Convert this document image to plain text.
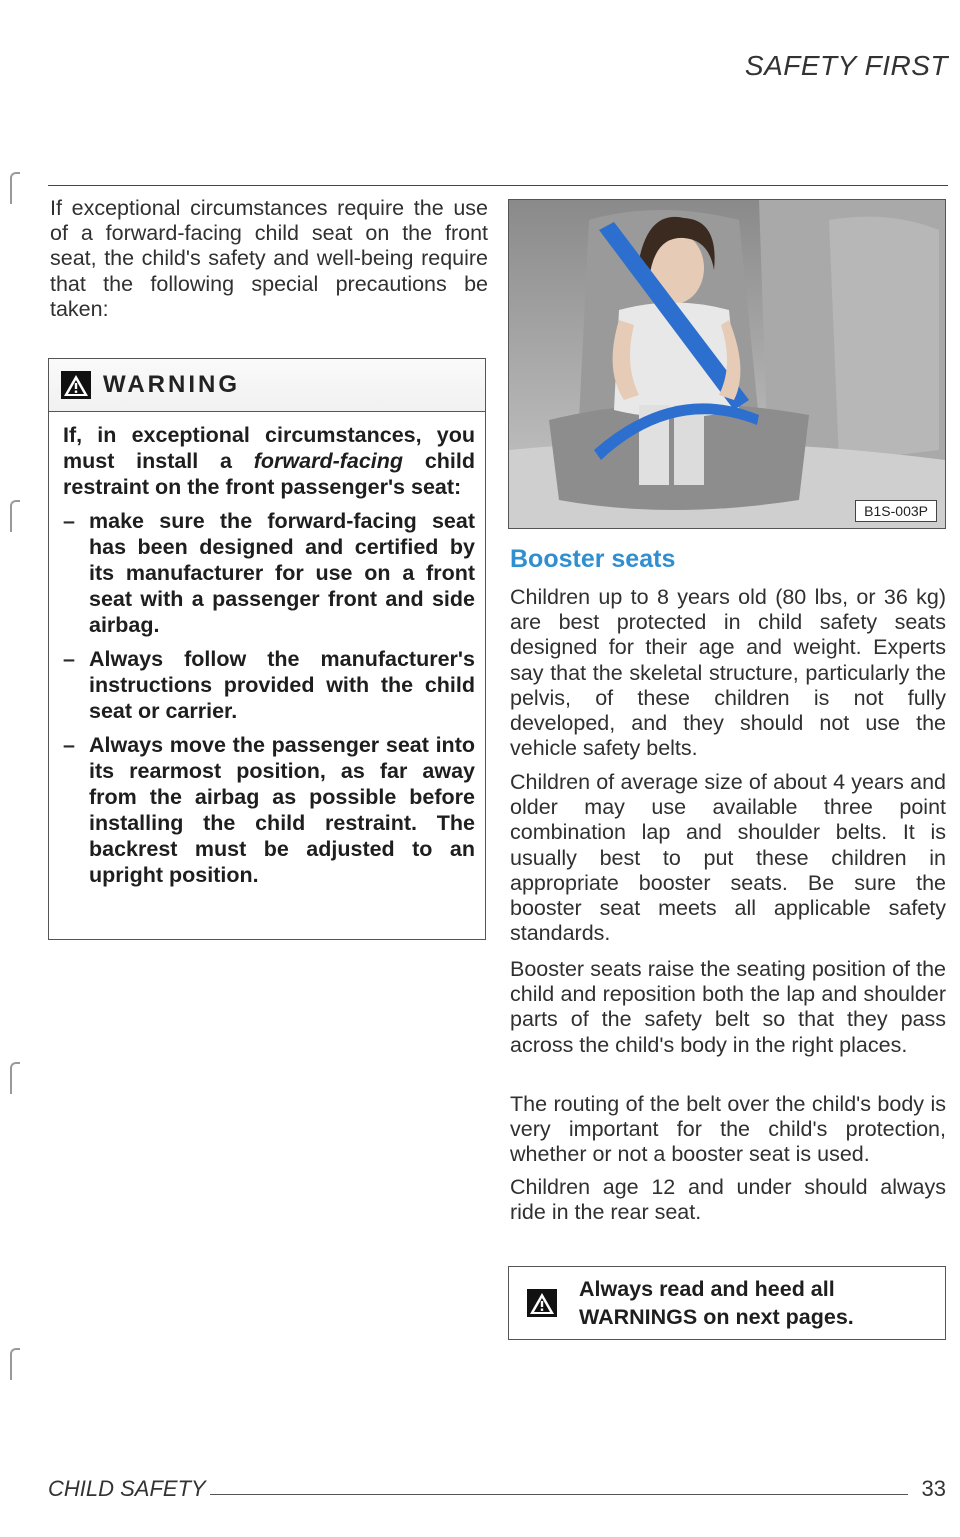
SAFETY FIRST

If exceptional circumstances require the use of a forward-facing child seat on the front seat, the child's safety and well-being require that the following special precautions be taken:

WARNING

If, in exceptional circumstances, you must install a forward-facing child restraint on the front passenger's seat:

– make sure the forward-facing seat has been designed and certified by its manufacturer for use on a front seat with a passenger front and side airbag.

– Always follow the manufacturer's instructions provided with the child seat or carrier.

– Always move the passenger seat into its rearmost position, as far away from the airbag as possible before installing the child restraint. The backrest must be adjusted to an upright position.

B1S-003P
Booster seats

Children up to 8 years old (80 lbs, or 36 kg) are best protected in child safety seats designed for their age and weight. Experts say that the skeletal structure, particularly the pelvis, of these children is not fully developed, and they should not use the vehicle safety belts.

Children of average size of about 4 years and older may use available three point combination lap and shoulder belts. It is usually best to put these children in appropriate booster seats. Be sure the booster seat meets all applicable safety standards.

Booster seats raise the seating position of the child and reposition both the lap and shoulder parts of the safety belt so that they pass across the child's body in the right places.

The routing of the belt over the child's body is very important for the child's protection, whether or not a booster seat is used.

Children age 12 and under should always ride in the rear seat.

Always read and heed all WARNINGS on next pages.
CHILD SAFETY	33
